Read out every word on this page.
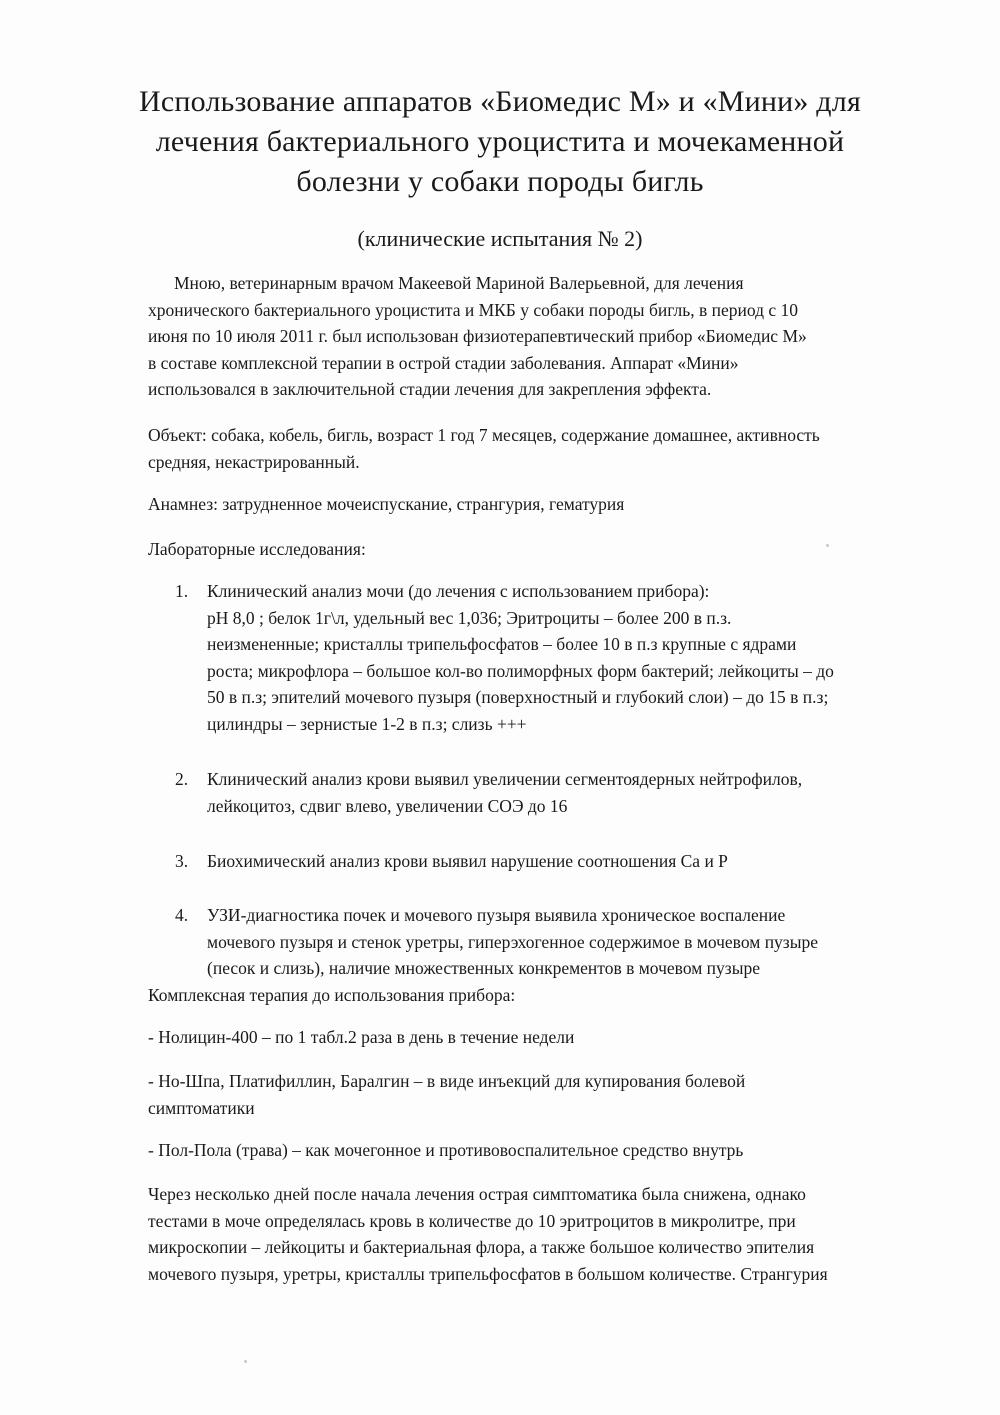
Использование аппаратов «Биомедис М» и «Мини» для
лечения бактериального уроцистита и мочекаменной
болезни у собаки породы бигль
(клинические испытания № 2)
Мною, ветеринарным врачом Макеевой Мариной Валерьевной, для лечения
хронического бактериального уроцистита и МКБ у собаки породы бигль, в период с 10
июня по 10 июля 2011 г. был использован физиотерапевтический прибор «Биомедис М»
в составе комплексной терапии в острой стадии заболевания. Аппарат «Мини»
использовался в заключительной стадии лечения для закрепления эффекта.
Объект: собака, кобель, бигль, возраст 1 год 7 месяцев, содержание домашнее, активность
средняя, некастрированный.
Анамнез: затрудненное мочеиспускание, странгурия, гематурия
Лабораторные исследования:
1.	Клинический анализ мочи (до лечения с использованием прибора):
рН 8,0 ; белок 1г\л, удельный вес 1,036; Эритроциты – более 200 в п.з.
неизмененные; кристаллы трипельфосфатов – более 10 в п.з крупные с ядрами
роста; микрофлора – большое кол-во полиморфных форм бактерий; лейкоциты – до
50 в п.з; эпителий мочевого пузыря (поверхностный и глубокий слои) – до 15 в п.з;
цилиндры – зернистые 1-2 в п.з; слизь +++
2.	Клинический анализ крови выявил увеличении сегментоядерных нейтрофилов,
лейкоцитоз, сдвиг влево, увеличении СОЭ до 16
3.	Биохимический анализ крови выявил нарушение соотношения Са и Р
4.	УЗИ-диагностика почек и мочевого пузыря выявила хроническое воспаление
мочевого пузыря и стенок уретры, гиперэхогенное содержимое в мочевом пузыре
(песок и слизь), наличие множественных конкрементов в мочевом пузыре
Комплексная терапия до использования прибора:
- Нолицин-400 – по 1 табл.2 раза в день в течение недели
- Но-Шпа, Платифиллин, Баралгин – в виде инъекций для купирования болевой
симптоматики
- Пол-Пола (трава) – как мочегонное и противовоспалительное средство внутрь
Через несколько дней после начала лечения острая симптоматика была снижена, однако
тестами в моче определялась кровь в количестве до 10 эритроцитов в микролитре, при
микроскопии – лейкоциты и бактериальная флора, а также большое количество эпителия
мочевого пузыря, уретры, кристаллы трипельфосфатов в большом количестве. Странгурия
